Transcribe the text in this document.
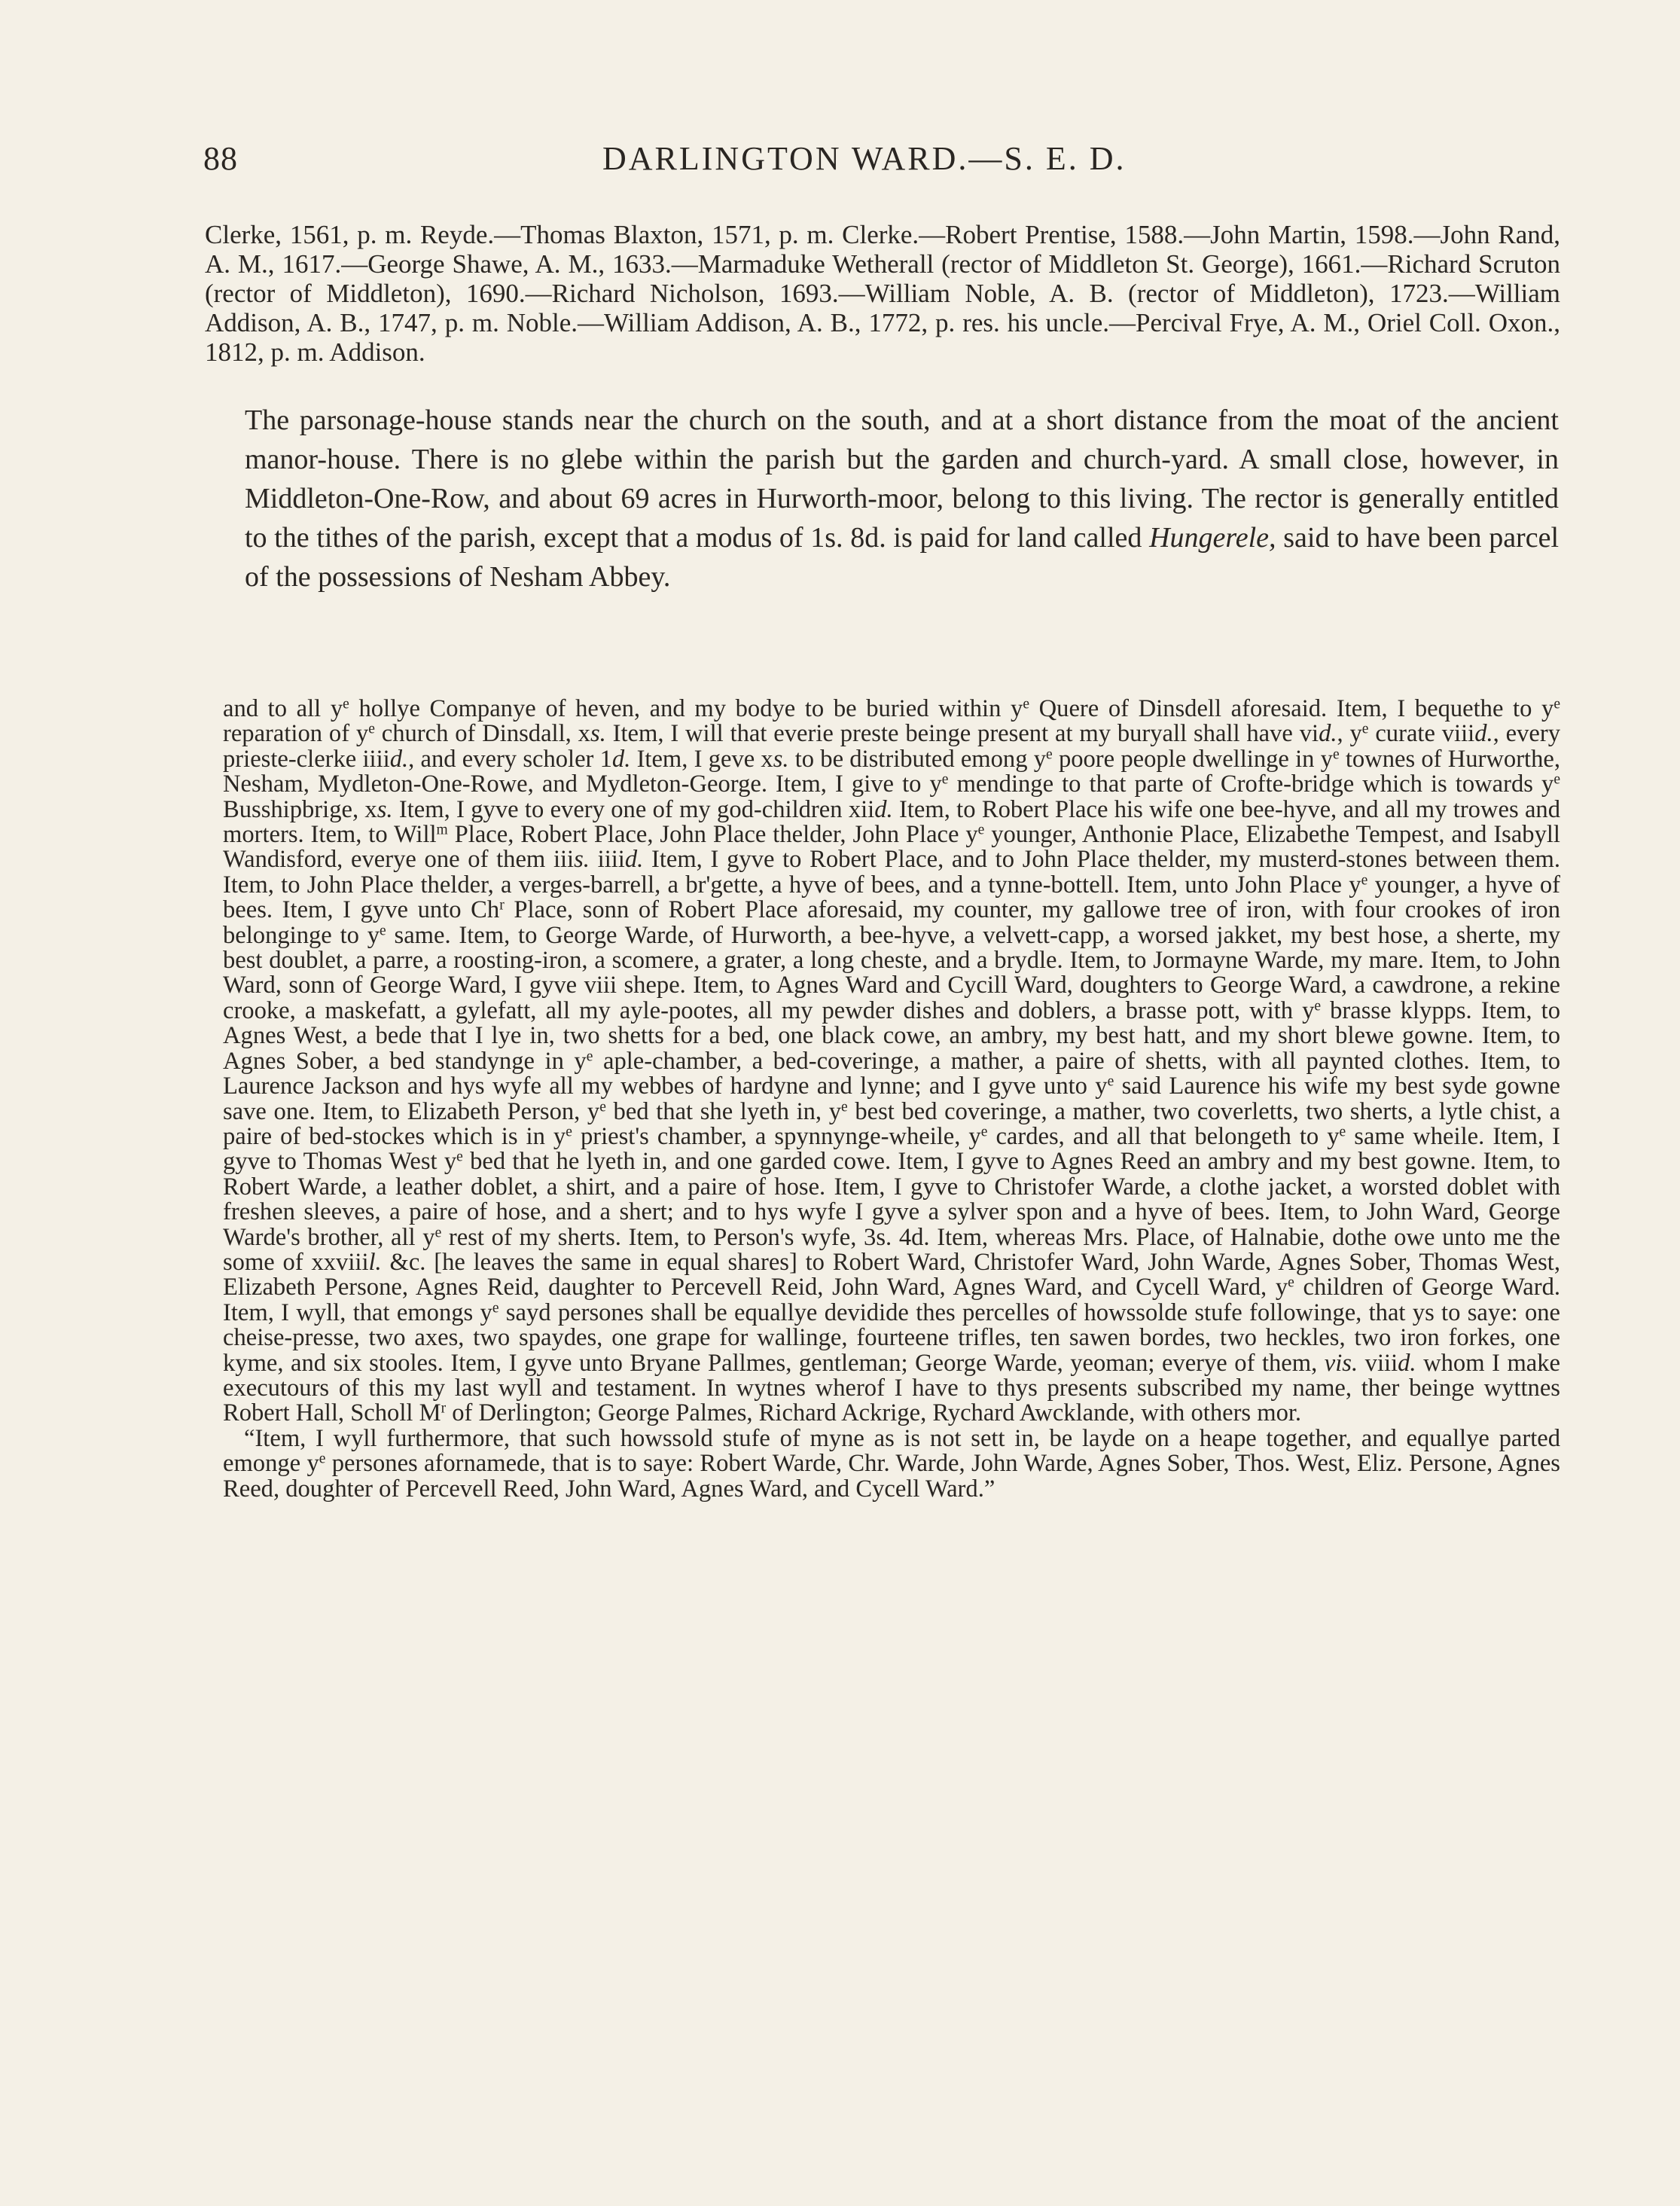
88	DARLINGTON WARD.—S. E. D.

Clerke, 1561, p. m. Reyde.—Thomas Blaxton, 1571, p. m. Clerke.—Robert Prentise, 1588.—John Martin, 1598.—John Rand, A. M., 1617.—George Shawe, A. M., 1633.—Marmaduke Wetherall (rector of Middleton St. George), 1661.—Richard Scruton (rector of Middleton), 1690.—Richard Nicholson, 1693.—William Noble, A. B. (rector of Middleton), 1723.—William Addison, A. B., 1747, p. m. Noble.—William Addison, A. B., 1772, p. res. his uncle.—Percival Frye, A. M., Oriel Coll. Oxon., 1812, p. m. Addison.

The parsonage-house stands near the church on the south, and at a short distance from the moat of the ancient manor-house. There is no glebe within the parish but the garden and church-yard. A small close, however, in Middleton-One-Row, and about 69 acres in Hurworth-moor, belong to this living. The rector is generally entitled to the tithes of the parish, except that a modus of 1s. 8d. is paid for land called Hungerele, said to have been parcel of the possessions of Nesham Abbey.

and to all $y^e$ hollye Companye of heven, and my bodye to be buried within $y^e$ Quere of Dinsdell aforesaid. Item, I bequethe to $y^e$ reparation of $y^e$ church of Dinsdall, xs. Item, I will that everie preste beinge present at my buryall shall have vid., $y^e$ curate viiid., every prieste-clerke iiiid., and every scholer 1d. Item, I geve xs. to be distributed emong $y^e$ poore people dwellinge in $y^e$ townes of Hurworthe, Nesham, Mydleton-One-Rowe, and Mydleton-George. Item, I give to $y^e$ mendinge to that parte of Crofte-bridge which is towards $y^e$ Busshipbrige, xs. Item, I gyve to every one of my god-children xiid. Item, to Robert Place his wife one bee-hyve, and all my trowes and morters. Item, to Will$^m$ Place, Robert Place, John Place thelder, John Place $y^e$ younger, Anthonie Place, Elizabethe Tempest, and Isabyll Wandisford, everye one of them iiis. iiiid. Item, I gyve to Robert Place, and to John Place thelder, my musterd-stones between them. Item, to John Place thelder, a verges-barrell, a br'gette, a hyve of bees, and a tynne-bottell. Item, unto John Place $y^e$ younger, a hyve of bees. Item, I gyve unto Ch$^r$ Place, sonn of Robert Place aforesaid, my counter, my gallowe tree of iron, with four crookes of iron belonginge to $y^e$ same. Item, to George Warde, of Hurworth, a bee-hyve, a velvett-capp, a worsed jakket, my best hose, a sherte, my best doublet, a parre, a roosting-iron, a scomere, a grater, a long cheste, and a brydle. Item, to Jormayne Warde, my mare. Item, to John Ward, sonn of George Ward, I gyve viii shepe. Item, to Agnes Ward and Cycill Ward, doughters to George Ward, a cawdrone, a rekine crooke, a maskefatt, a gylefatt, all my ayle-pootes, all my pewder dishes and doblers, a brasse pott, with $y^e$ brasse klypps. Item, to Agnes West, a bede that I lye in, two shetts for a bed, one black cowe, an ambry, my best hatt, and my short blewe gowne. Item, to Agnes Sober, a bed standynge in $y^e$ aple-chamber, a bed-coveringe, a mather, a paire of shetts, with all paynted clothes. Item, to Laurence Jackson and hys wyfe all my webbes of hardyne and lynne; and I gyve unto $y^e$ said Laurence his wife my best syde gowne save one. Item, to Elizabeth Person, $y^e$ bed that she lyeth in, $y^e$ best bed coveringe, a mather, two coverletts, two sherts, a lytle chist, a paire of bed-stockes which is in $y^e$ priest's chamber, a spynnynge-wheile, $y^e$ cardes, and all that belongeth to $y^e$ same wheile. Item, I gyve to Thomas West $y^e$ bed that he lyeth in, and one garded cowe. Item, I gyve to Agnes Reed an ambry and my best gowne. Item, to Robert Warde, a leather doblet, a shirt, and a paire of hose. Item, I gyve to Christofer Warde, a clothe jacket, a worsted doblet with freshen sleeves, a paire of hose, and a shert; and to hys wyfe I gyve a sylver spon and a hyve of bees. Item, to John Ward, George Warde's brother, all $y^e$ rest of my sherts. Item, to Person's wyfe, 3s. 4d. Item, whereas Mrs. Place, of Halnabie, dothe owe unto me the some of xxviiil. &c. [he leaves the same in equal shares] to Robert Ward, Christofer Ward, John Warde, Agnes Sober, Thomas West, Elizabeth Persone, Agnes Reid, daughter to Percevell Reid, John Ward, Agnes Ward, and Cycell Ward, $y^e$ children of George Ward. Item, I wyll, that emongs $y^e$ sayd persones shall be equallye devidide thes percelles of howssolde stufe followinge, that ys to saye: one cheise-presse, two axes, two spaydes, one grape for wallinge, fourteene trifles, ten sawen bordes, two heckles, two iron forkes, one kyme, and six stooles. Item, I gyve unto Bryane Pallmes, gentleman; George Warde, yeoman; everye of them, vis. viiid. whom I make executours of this my last wyll and testament. In wytnes wherof I have to thys presents subscribed my name, ther beinge wyttnes Robert Hall, Scholl $M^r$ of Derlington; George Palmes, Richard Ackrige, Rychard Awcklande, with others mor.

“Item, I wyll furthermore, that such howssold stufe of myne as is not sett in, be layde on a heape together, and equallye parted emonge $y^e$ persones afornamede, that is to saye: Robert Warde, Chr. Warde, John Warde, Agnes Sober, Thos. West, Eliz. Persone, Agnes Reed, doughter of Percevell Reed, John Ward, Agnes Ward, and Cycell Ward.”
